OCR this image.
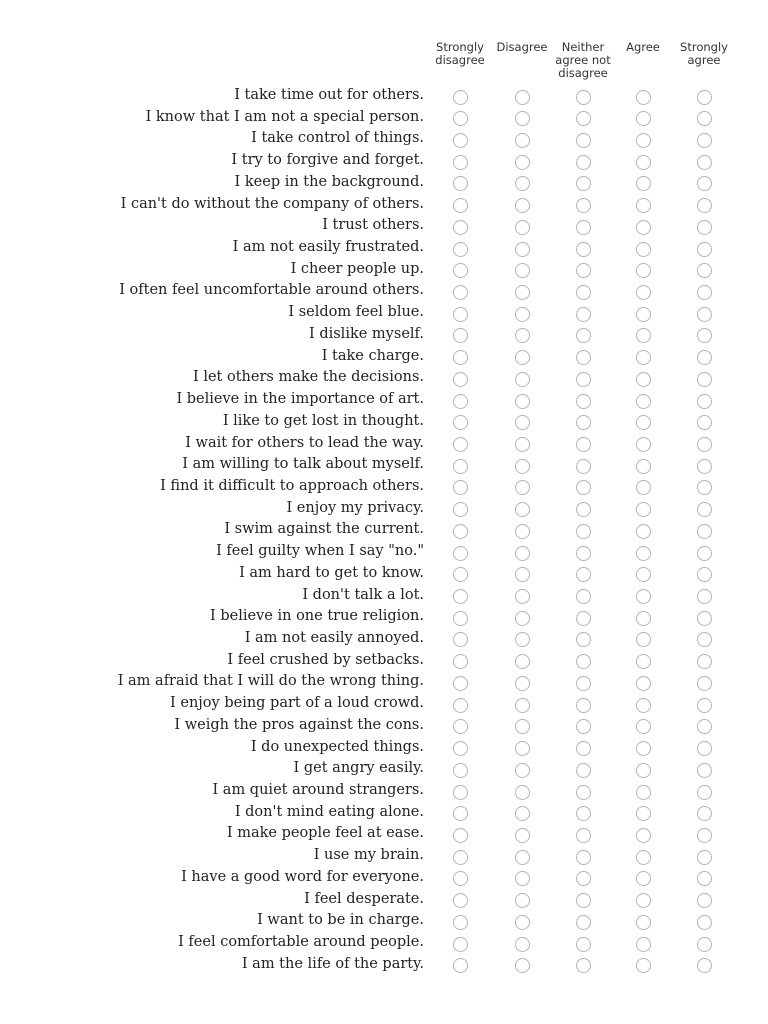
Strongly
disagree
Disagree	Neither
agree not
disagree
Agree	Strongly
agree
I take time out for others.
I know that I am not a special person.
I take control of things.
I try to forgive and forget.
I keep in the background.
I can't do without the company of others.
I trust others.
I am not easily frustrated.
I cheer people up.
I often feel uncomfortable around others.
I seldom feel blue.
I dislike myself.
I take charge.
I let others make the decisions.
I believe in the importance of art.
I like to get lost in thought.
I wait for others to lead the way.
I am willing to talk about myself.
I find it difficult to approach others.
I enjoy my privacy.
I swim against the current.
I feel guilty when I say "no."
I am hard to get to know.
I don't talk a lot.
I believe in one true religion.
I am not easily annoyed.
I feel crushed by setbacks.
I am afraid that I will do the wrong thing.
I enjoy being part of a loud crowd.
I weigh the pros against the cons.
I do unexpected things.
I get angry easily.
I am quiet around strangers.
I don't mind eating alone.
I make people feel at ease.
I use my brain.
I have a good word for everyone.
I feel desperate.
I want to be in charge.
I feel comfortable around people.
I am the life of the party.
